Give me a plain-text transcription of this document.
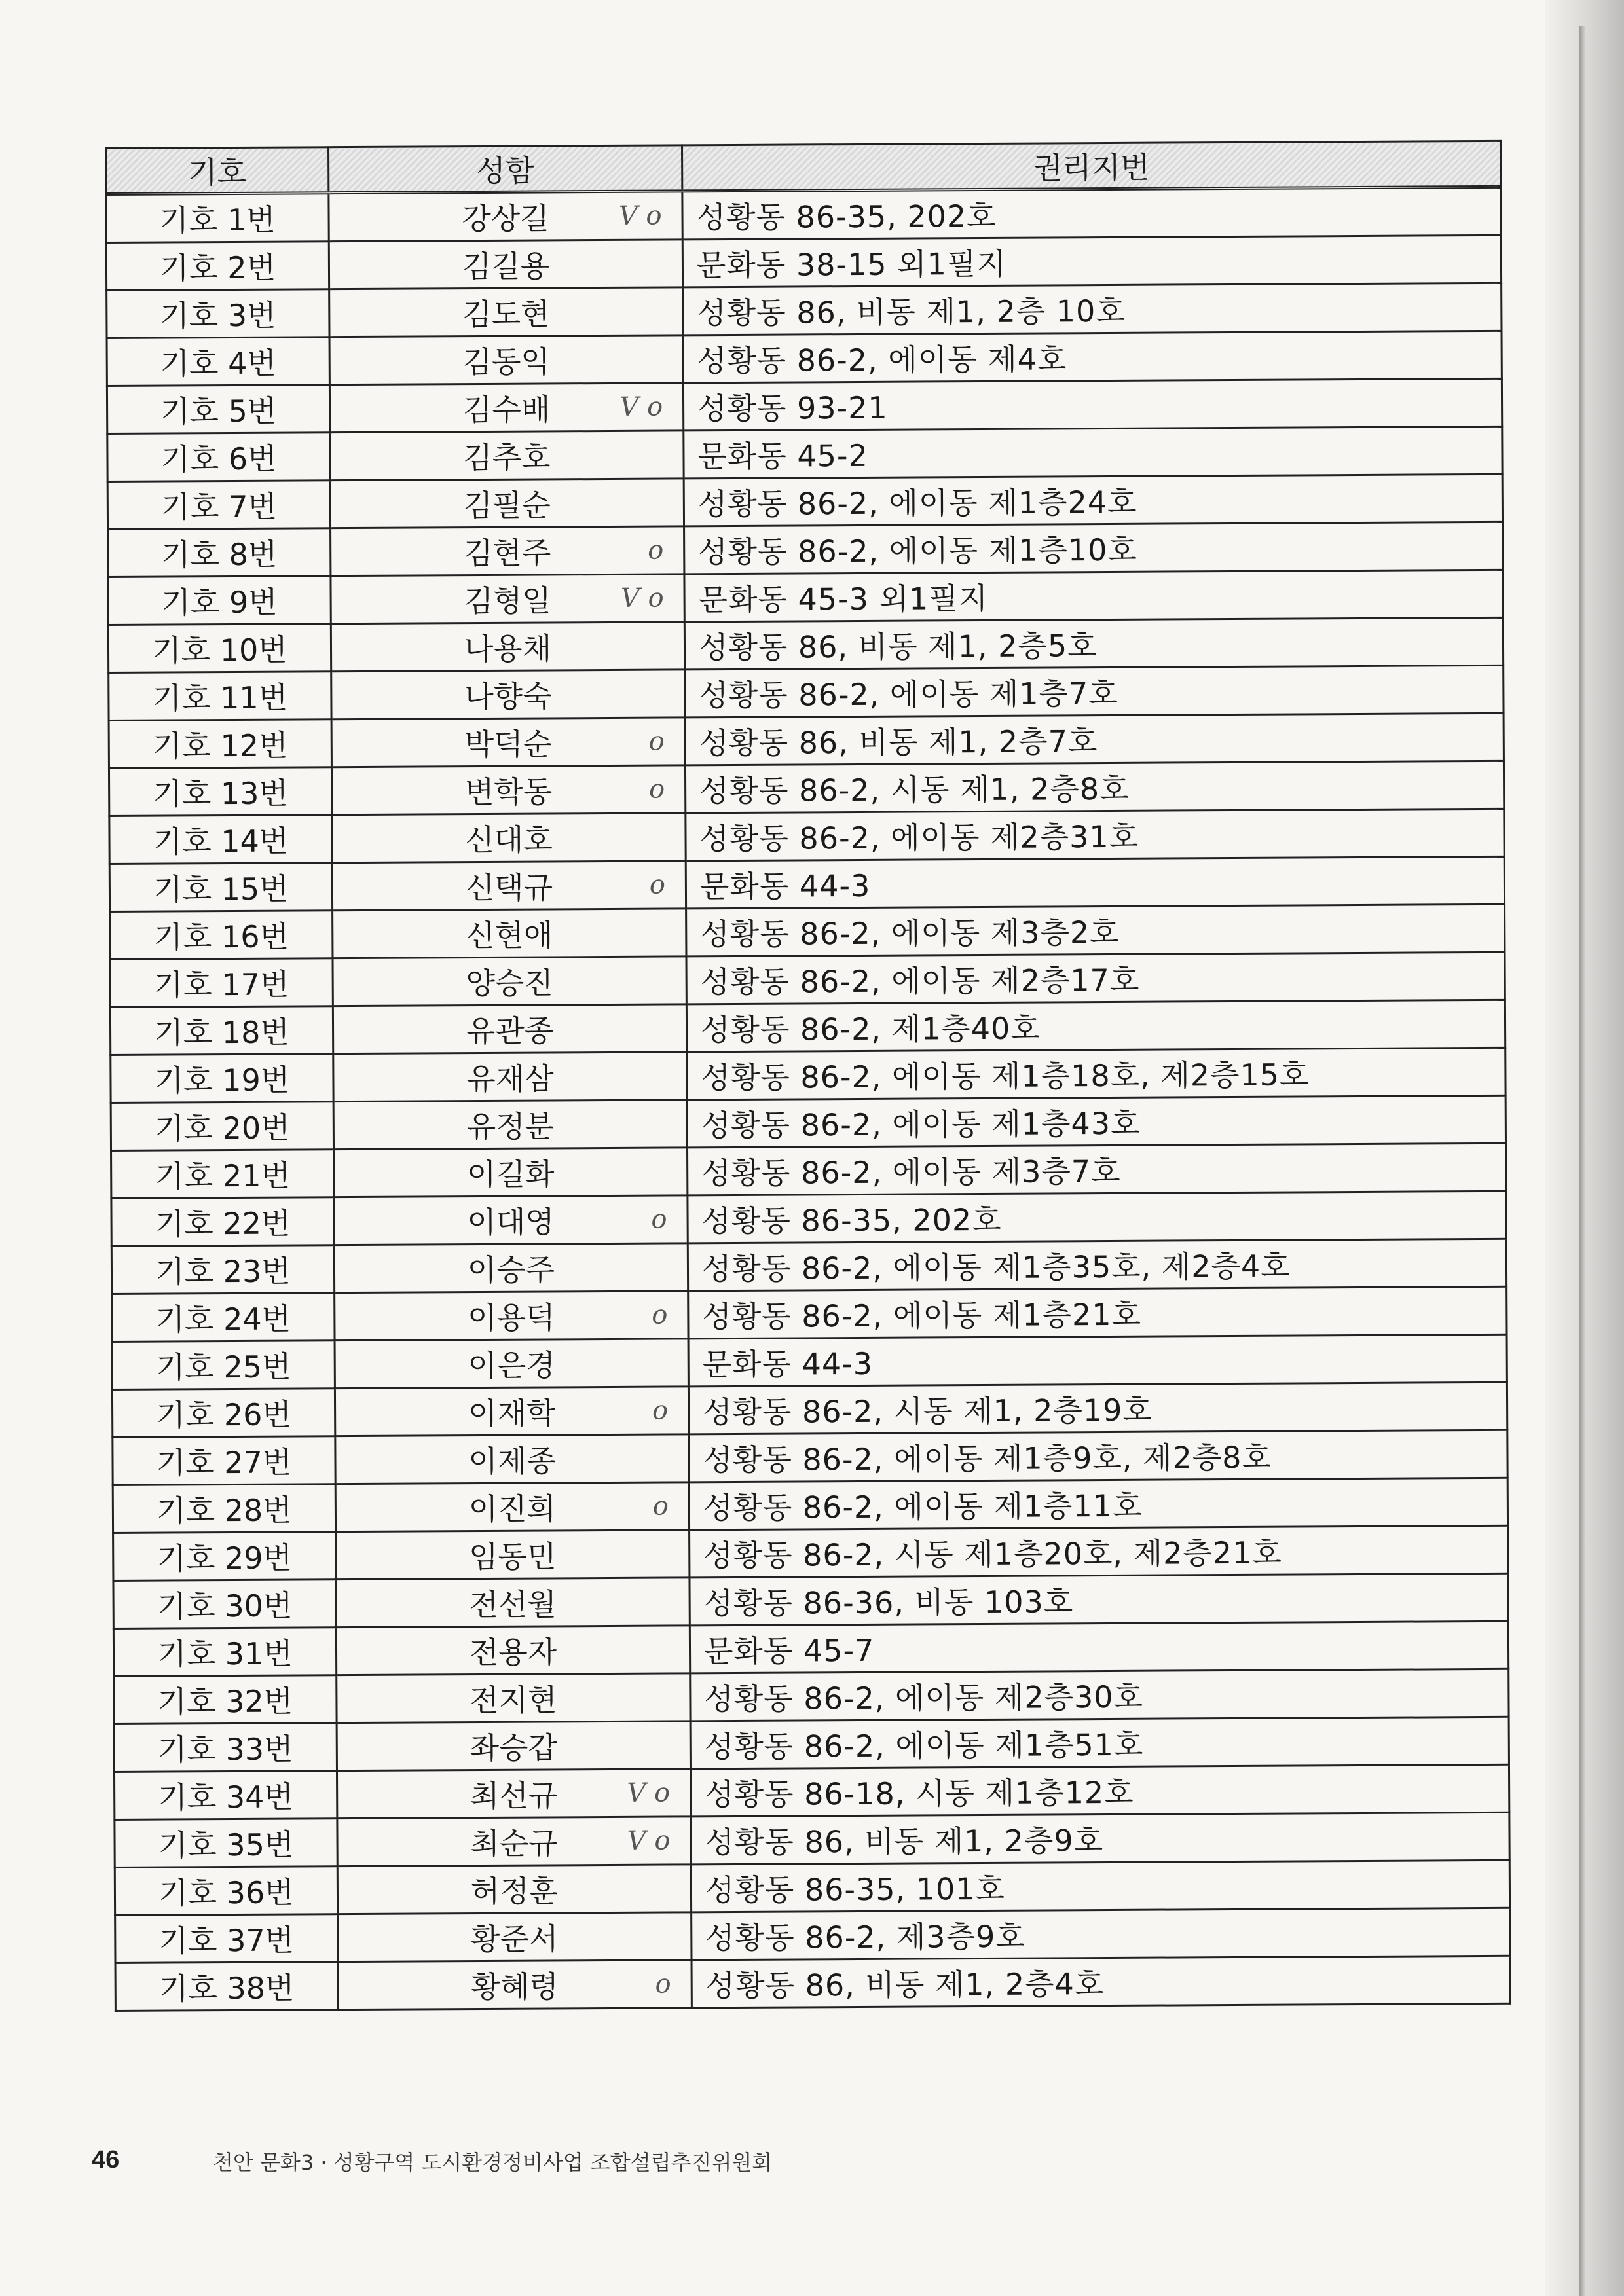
기호	성함	권리지번
기호 1번	강상길 V o	성황동 86-35, 202호
기호 2번	김길용	문화동 38-15 외1필지
기호 3번	김도현	성황동 86, 비동 제1, 2층 10호
기호 4번	김동익	성황동 86-2, 에이동 제4호
기호 5번	김수배 V o	성황동 93-21
기호 6번	김추호	문화동 45-2
기호 7번	김필순	성황동 86-2, 에이동 제1층24호
기호 8번	김현주 o	성황동 86-2, 에이동 제1층10호
기호 9번	김형일 V o	문화동 45-3 외1필지
기호 10번	나용채	성황동 86, 비동 제1, 2층5호
기호 11번	나향숙	성황동 86-2, 에이동 제1층7호
기호 12번	박덕순 o	성황동 86, 비동 제1, 2층7호
기호 13번	변학동 o	성황동 86-2, 시동 제1, 2층8호
기호 14번	신대호	성황동 86-2, 에이동 제2층31호
기호 15번	신택규 o	문화동 44-3
기호 16번	신현애	성황동 86-2, 에이동 제3층2호
기호 17번	양승진	성황동 86-2, 에이동 제2층17호
기호 18번	유관종	성황동 86-2, 제1층40호
기호 19번	유재삼	성황동 86-2, 에이동 제1층18호, 제2층15호
기호 20번	유정분	성황동 86-2, 에이동 제1층43호
기호 21번	이길화	성황동 86-2, 에이동 제3층7호
기호 22번	이대영 o	성황동 86-35, 202호
기호 23번	이승주	성황동 86-2, 에이동 제1층35호, 제2층4호
기호 24번	이용덕 o	성황동 86-2, 에이동 제1층21호
기호 25번	이은경	문화동 44-3
기호 26번	이재학 o	성황동 86-2, 시동 제1, 2층19호
기호 27번	이제종	성황동 86-2, 에이동 제1층9호, 제2층8호
기호 28번	이진희 o	성황동 86-2, 에이동 제1층11호
기호 29번	임동민	성황동 86-2, 시동 제1층20호, 제2층21호
기호 30번	전선월	성황동 86-36, 비동 103호
기호 31번	전용자	문화동 45-7
기호 32번	전지현	성황동 86-2, 에이동 제2층30호
기호 33번	좌승갑	성황동 86-2, 에이동 제1층51호
기호 34번	최선규 V o	성황동 86-18, 시동 제1층12호
기호 35번	최순규 V o	성황동 86, 비동 제1, 2층9호
기호 36번	허정훈	성황동 86-35, 101호
기호 37번	황준서	성황동 86-2, 제3층9호
기호 38번	황혜령 o	성황동 86, 비동 제1, 2층4호
46	천안 문화3 · 성황구역 도시환경정비사업 조합설립추진위원회
